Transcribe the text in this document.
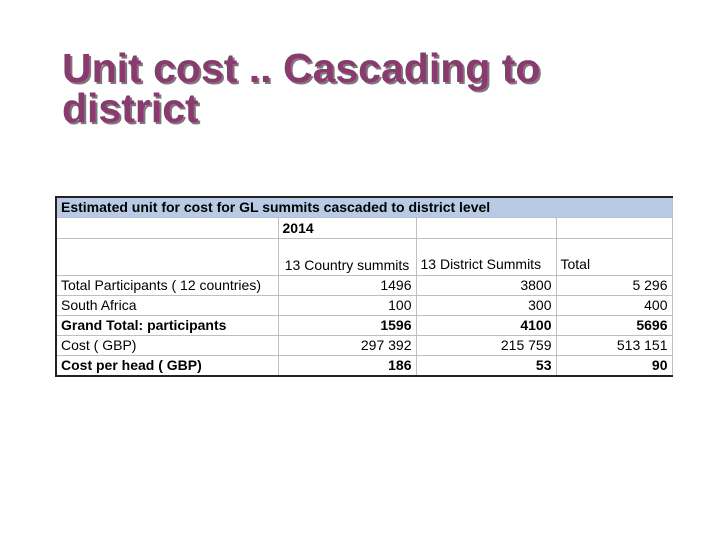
Unit cost .. Cascading to district
Estimated unit for cost for GL summits cascaded to district level			
	2014		
	13 Country summits	13 District Summits	Total
Total Participants ( 12 countries)	1496	3800	5 296
South Africa	100	300	400
Grand Total: participants	1596	4100	5696
Cost ( GBP)	297 392	215 759	513 151
Cost per head ( GBP)	186	53	90
